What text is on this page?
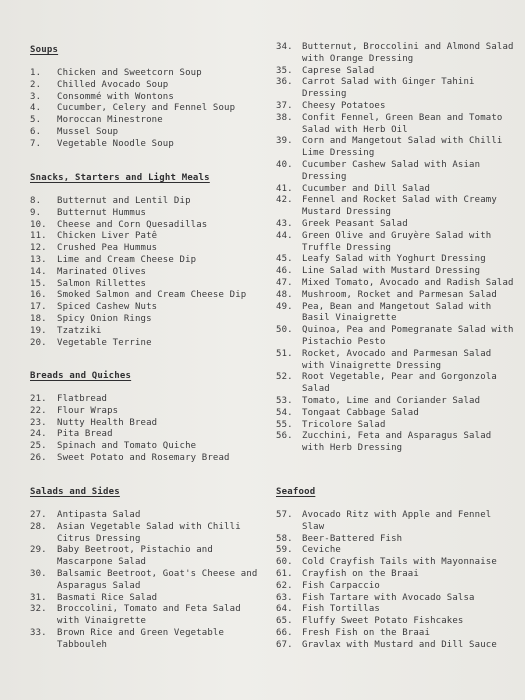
Soups
1.	Chicken and Sweetcorn Soup
2.	Chilled Avocado Soup
3.	Consommé with Wontons
4.	Cucumber, Celery and Fennel Soup
5.	Moroccan Minestrone
6.	Mussel Soup
7.	Vegetable Noodle Soup
Snacks, Starters and Light Meals
8.	Butternut and Lentil Dip
9.	Butternut Hummus
10.	Cheese and Corn Quesadillas
11.	Chicken Liver Patê
12.	Crushed Pea Hummus
13.	Lime and Cream Cheese Dip
14.	Marinated Olives
15.	Salmon Rillettes
16.	Smoked Salmon and Cream Cheese Dip
17.	Spiced Cashew Nuts
18.	Spicy Onion Rings
19.	Tzatziki
20.	Vegetable Terrine
Breads and Quiches
21.	Flatbread
22.	Flour Wraps
23.	Nutty Health Bread
24.	Pita Bread
25.	Spinach and Tomato Quiche
26.	Sweet Potato and Rosemary Bread
Salads and Sides
27.	Antipasta Salad
28.	Asian Vegetable Salad with Chilli Citrus Dressing
29.	Baby Beetroot, Pistachio and Mascarpone Salad
30.	Balsamic Beetroot, Goat's Cheese and Asparagus Salad
31.	Basmati Rice Salad
32.	Broccolini, Tomato and Feta Salad with Vinaigrette
33.	Brown Rice and Green Vegetable Tabbouleh
34.	Butternut, Broccolini and Almond Salad with Orange Dressing
35.	Caprese Salad
36.	Carrot Salad with Ginger Tahini Dressing
37.	Cheesy Potatoes
38.	Confit Fennel, Green Bean and Tomato Salad with Herb Oil
39.	Corn and Mangetout Salad with Chilli Lime Dressing
40.	Cucumber Cashew Salad with Asian Dressing
41.	Cucumber and Dill Salad
42.	Fennel and Rocket Salad with Creamy Mustard Dressing
43.	Greek Peasant Salad
44.	Green Olive and Gruyère Salad with Truffle Dressing
45.	Leafy Salad with Yoghurt Dressing
46.	Line Salad with Mustard Dressing
47.	Mixed Tomato, Avocado and Radish Salad
48.	Mushroom, Rocket and Parmesan Salad
49.	Pea, Bean and Mangetout Salad with Basil Vinaigrette
50.	Quinoa, Pea and Pomegranate Salad with Pistachio Pesto
51.	Rocket, Avocado and Parmesan Salad with Vinaigrette Dressing
52.	Root Vegetable, Pear and Gorgonzola Salad
53.	Tomato, Lime and Coriander Salad
54.	Tongaat Cabbage Salad
55.	Tricolore Salad
56.	Zucchini, Feta and Asparagus Salad with Herb Dressing
Seafood
57.	Avocado Ritz with Apple and Fennel Slaw
58.	Beer-Battered Fish
59.	Ceviche
60.	Cold Crayfish Tails with Mayonnaise
61.	Crayfish on the Braai
62.	Fish Carpaccio
63.	Fish Tartare with Avocado Salsa
64.	Fish Tortillas
65.	Fluffy Sweet Potato Fishcakes
66.	Fresh Fish on the Braai
67.	Gravlax with Mustard and Dill Sauce
